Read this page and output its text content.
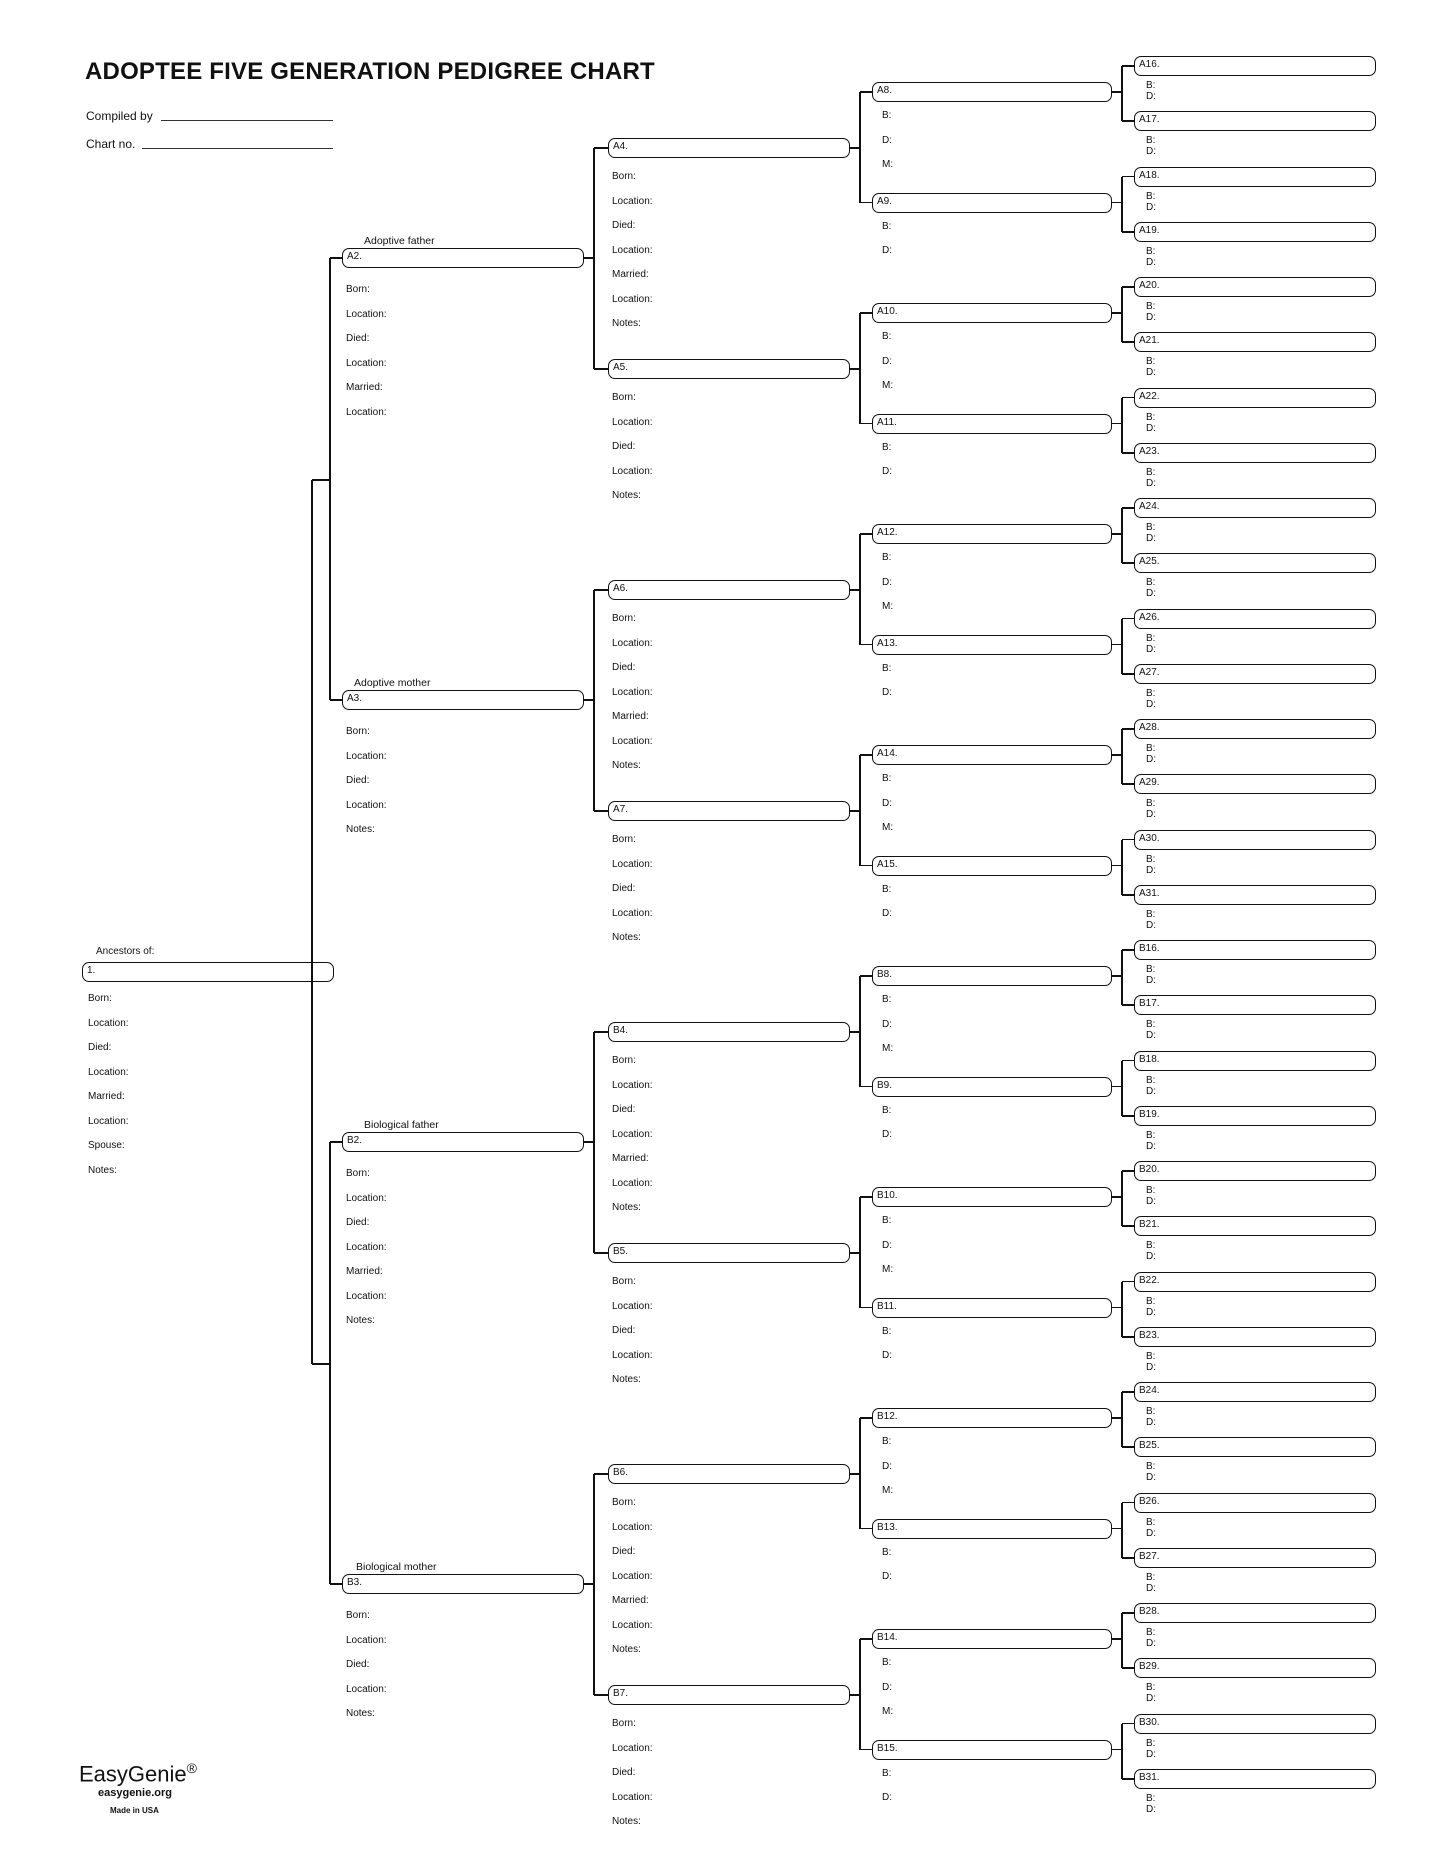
ADOPTEE FIVE GENERATION PEDIGREE CHART
Compiled by
Chart no.
EasyGenie®
easygenie.org
Made in USA
Ancestors of:
1.
Born:
Location:
Died:
Location:
Married:
Location:
Spouse:
Notes:
Adoptive father
A2.
Born:
Location:
Died:
Location:
Married:
Location:
Adoptive mother
A3.
Born:
Location:
Died:
Location:
Notes:
Biological father
B2.
Born:
Location:
Died:
Location:
Married:
Location:
Notes:
Biological mother
B3.
Born:
Location:
Died:
Location:
Notes:
A4.
Born:
Location:
Died:
Location:
Married:
Location:
Notes:
A5.
Born:
Location:
Died:
Location:
Notes:
A6.
Born:
Location:
Died:
Location:
Married:
Location:
Notes:
A7.
Born:
Location:
Died:
Location:
Notes:
B4.
Born:
Location:
Died:
Location:
Married:
Location:
Notes:
B5.
Born:
Location:
Died:
Location:
Notes:
B6.
Born:
Location:
Died:
Location:
Married:
Location:
Notes:
B7.
Born:
Location:
Died:
Location:
Notes:
A8.
B:
D:
M:
A9.
B:
D:
A10.
B:
D:
M:
A11.
B:
D:
A12.
B:
D:
M:
A13.
B:
D:
A14.
B:
D:
M:
A15.
B:
D:
B8.
B:
D:
M:
B9.
B:
D:
B10.
B:
D:
M:
B11.
B:
D:
B12.
B:
D:
M:
B13.
B:
D:
B14.
B:
D:
M:
B15.
B:
D:
A16.
B:
D:
A17.
B:
D:
A18.
B:
D:
A19.
B:
D:
A20.
B:
D:
A21.
B:
D:
A22.
B:
D:
A23.
B:
D:
A24.
B:
D:
A25.
B:
D:
A26.
B:
D:
A27.
B:
D:
A28.
B:
D:
A29.
B:
D:
A30.
B:
D:
A31.
B:
D:
B16.
B:
D:
B17.
B:
D:
B18.
B:
D:
B19.
B:
D:
B20.
B:
D:
B21.
B:
D:
B22.
B:
D:
B23.
B:
D:
B24.
B:
D:
B25.
B:
D:
B26.
B:
D:
B27.
B:
D:
B28.
B:
D:
B29.
B:
D:
B30.
B:
D:
B31.
B:
D:
